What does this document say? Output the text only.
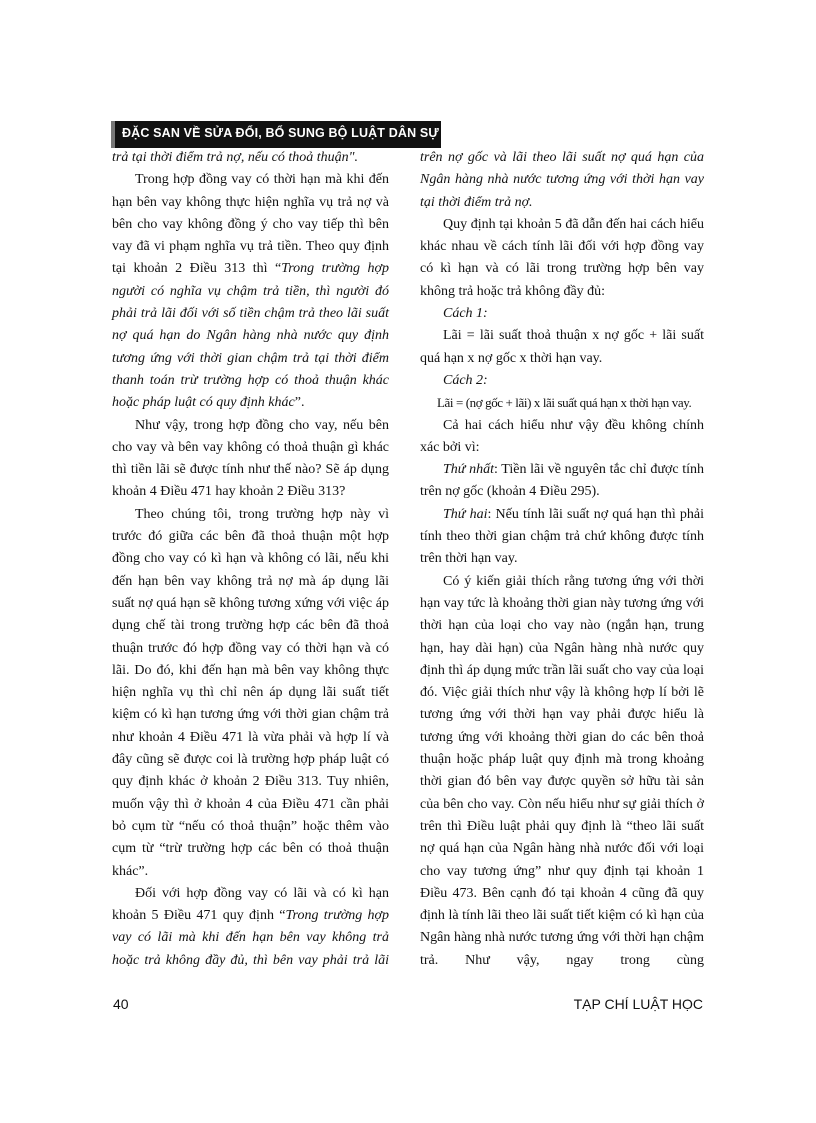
ĐẶC SAN VỀ SỬA ĐỔI, BỔ SUNG BỘ LUẬT DÂN SỰ

trả tại thời điểm trả nợ, nếu có thoả thuận".

Trong hợp đồng vay có thời hạn mà khi đến hạn bên vay không thực hiện nghĩa vụ trả nợ và bên cho vay không đồng ý cho vay tiếp thì bên vay đã vi phạm nghĩa vụ trả tiền. Theo quy định tại khoản 2 Điều 313 thì “Trong trường hợp người có nghĩa vụ chậm trả tiền, thì người đó phải trả lãi đối với số tiền chậm trả theo lãi suất nợ quá hạn do Ngân hàng nhà nước quy định tương ứng với thời gian chậm trả tại thời điểm thanh toán trừ trường hợp có thoả thuận khác hoặc pháp luật có quy định khác”.

Như vậy, trong hợp đồng cho vay, nếu bên cho vay và bên vay không có thoả thuận gì khác thì tiền lãi sẽ được tính như thế nào? Sẽ áp dụng khoản 4 Điều 471 hay khoản 2 Điều 313?

Theo chúng tôi, trong trường hợp này vì trước đó giữa các bên đã thoả thuận một hợp đồng cho vay có kì hạn và không có lãi, nếu khi đến hạn bên vay không trả nợ mà áp dụng lãi suất nợ quá hạn sẽ không tương xứng với việc áp dụng chế tài trong trường hợp các bên đã thoả thuận trước đó hợp đồng vay có thời hạn và có lãi. Do đó, khi đến hạn mà bên vay không thực hiện nghĩa vụ thì chỉ nên áp dụng lãi suất tiết kiệm có kì hạn tương ứng với thời gian chậm trả như khoản 4 Điều 471 là vừa phải và hợp lí và đây cũng sẽ được coi là trường hợp pháp luật có quy định khác ở khoản 2 Điều 313. Tuy nhiên, muốn vậy thì ở khoản 4 của Điều 471 cần phải bỏ cụm từ “nếu có thoả thuận” hoặc thêm vào cụm từ “trừ trường hợp các bên có thoả thuận khác”.

Đối với hợp đồng vay có lãi và có kì hạn khoản 5 Điều 471 quy định “Trong trường hợp vay có lãi mà khi đến hạn bên vay không trả hoặc trả không đầy đủ, thì bên vay phải trả lãi

trên nợ gốc và lãi theo lãi suất nợ quá hạn của Ngân hàng nhà nước tương ứng với thời hạn vay tại thời điểm trả nợ.

Quy định tại khoản 5 đã dẫn đến hai cách hiểu khác nhau về cách tính lãi đối với hợp đồng vay có kì hạn và có lãi trong trường hợp bên vay không trả hoặc trả không đầy đủ:

Cách 1:

Lãi = lãi suất thoả thuận x nợ gốc + lãi suất quá hạn x nợ gốc x thời hạn vay.

Cách 2:

Lãi = (nợ gốc + lãi) x lãi suất quá hạn x thời hạn vay.

Cả hai cách hiểu như vậy đều không chính xác bởi vì:

Thứ nhất: Tiền lãi về nguyên tắc chỉ được tính trên nợ gốc (khoản 4 Điều 295).

Thứ hai: Nếu tính lãi suất nợ quá hạn thì phải tính theo thời gian chậm trả chứ không được tính trên thời hạn vay.

Có ý kiến giải thích rằng tương ứng với thời hạn vay tức là khoảng thời gian này tương ứng với thời hạn của loại cho vay nào (ngắn hạn, trung hạn, hay dài hạn) của Ngân hàng nhà nước quy định thì áp dụng mức trần lãi suất cho vay của loại đó. Việc giải thích như vậy là không hợp lí bởi lẽ tương ứng với thời hạn vay phải được hiểu là tương ứng với khoảng thời gian do các bên thoả thuận hoặc pháp luật quy định mà trong khoảng thời gian đó bên vay được quyền sở hữu tài sản của bên cho vay. Còn nếu hiểu như sự giải thích ở trên thì Điều luật phải quy định là “theo lãi suất nợ quá hạn của Ngân hàng nhà nước đối với loại cho vay tương ứng” như quy định tại khoản 1 Điều 473. Bên cạnh đó tại khoản 4 cũng đã quy định là tính lãi theo lãi suất tiết kiệm có kì hạn của Ngân hàng nhà nước tương ứng với thời hạn chậm trả. Như vậy, ngay trong cùng

40	TẠP CHÍ LUẬT HỌC
